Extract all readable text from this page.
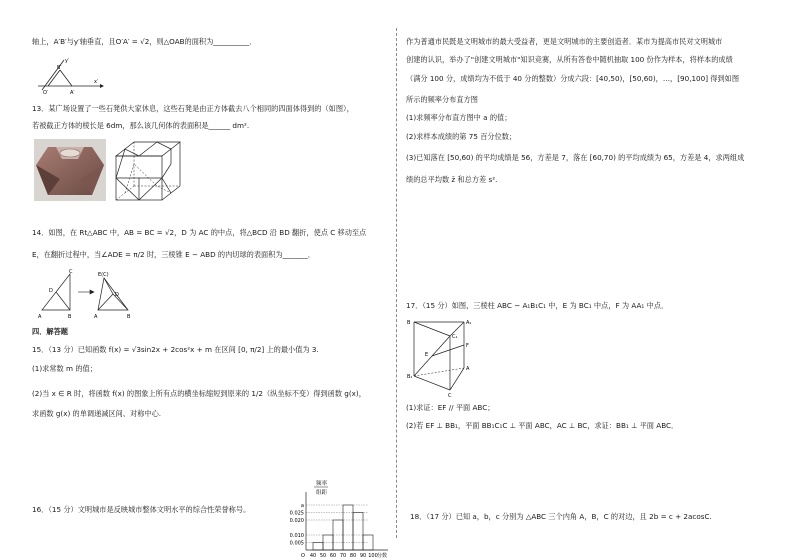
轴上，A′B′与y′轴垂直，且O′A′ = √2，则△OAB的面积为__________．
B′
A′
O′
y′
x′
13．某广场设置了一些石凳供大家休息，这些石凳是由正方体截去八个相同的四面体得到的（如图），
若被截正方体的棱长是 6dm，那么该几何体的表面积是______ dm².
14．如图，在 Rt△ABC 中，AB = BC = √2，D 为 AC 的中点，将△BCD 沿 BD 翻折，使点 C 移动至点
E，在翻折过程中，当∠ADE = π/2 时，三棱锥 E − ABD 的内切球的表面积为_______．
A	B
C
D
A	B
E(C)
D
四．解答题
15．（13 分）已知函数 f(x) = √3sin2x + 2cos²x + m 在区间 [0, π/2] 上的最小值为 3.
(1)求常数 m 的值；
(2)当 x ∈ R 时，将函数 f(x) 的图象上所有点的横坐标缩短到原来的 1/2（纵坐标不变）得到函数 g(x)，
求函数 g(x) 的单调递减区间、对称中心.
16．（15 分）文明城市是反映城市整体文明水平的综合性荣誉称号。
频率
组距
a
0.025
0.020
0.010
0.005
40 50 60 70 80 90 100 分数
O
作为普通市民既是文明城市的最大受益者，更是文明城市的主要创造者．某市为提高市民对文明城市
创建的认识，举办了"创建文明城市"知识竞赛，从所有答卷中随机抽取 100 份作为样本，将样本的成绩
（满分 100 分，成绩均为不低于 40 分的整数）分成六段：[40,50)，[50,60)，…，[90,100] 得到如图
所示的频率分布直方图
(1)求频率分布直方图中 a 的值；
(2)求样本成绩的第 75 百分位数；
(3)已知落在 [50,60) 的平均成绩是 56，方差是 7，落在 [60,70) 的平均成绩为 65，方差是 4，求两组成
绩的总平均数 z̄ 和总方差 s².
17．（15 分）如图，三棱柱 ABC − A₁B₁C₁ 中，E 为 BC₁ 中点，F 为 AA₁ 中点．
B	A₁
C₁
F
E
B₁
A
C
(1)求证：EF // 平面 ABC；
(2)若 EF ⊥ BB₁，平面 BB₁C₁C ⊥ 平面 ABC，AC ⊥ BC，求证：BB₁ ⊥ 平面 ABC．
18．（17 分）已知 a，b，c 分别为 △ABC 三个内角 A，B，C 的对边，且 2b = c + 2acosC.
